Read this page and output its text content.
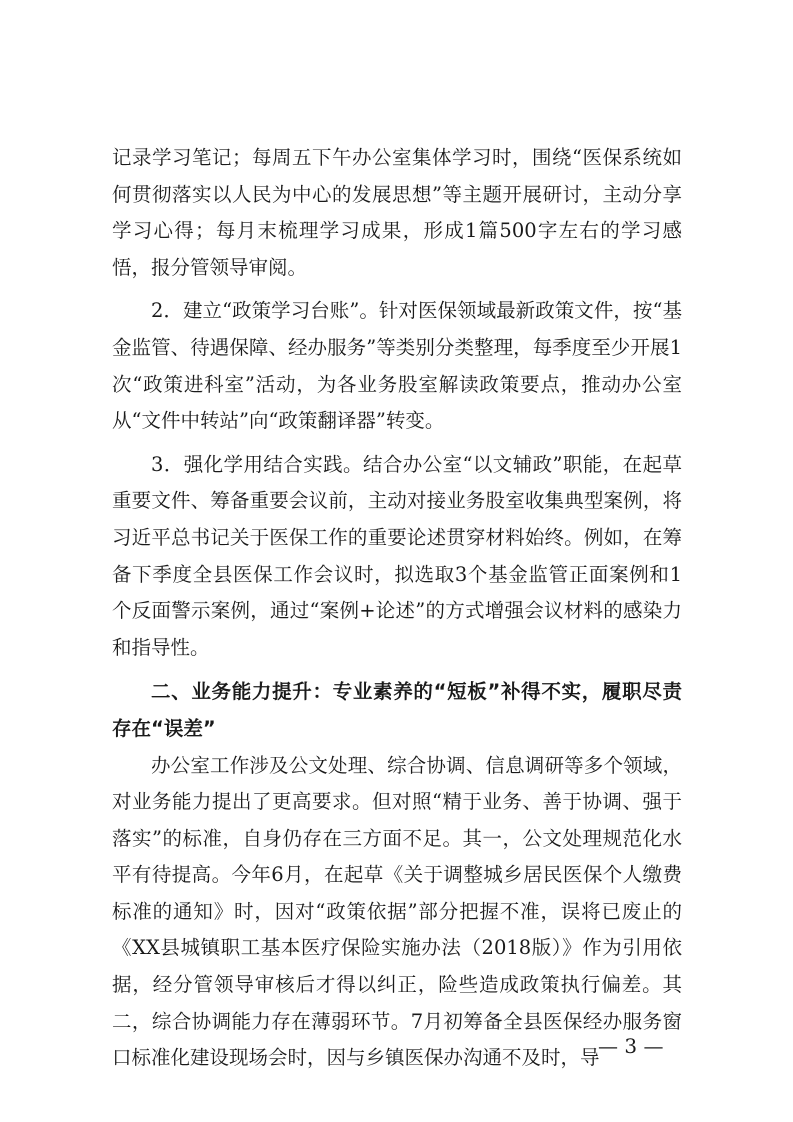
记录学习笔记；每周五下午办公室集体学习时，围绕“医保系统如何贯彻落实以人民为中心的发展思想”等主题开展研讨，主动分享学习心得；每月末梳理学习成果，形成1篇500字左右的学习感悟，报分管领导审阅。

2．建立“政策学习台账”。针对医保领域最新政策文件，按“基金监管、待遇保障、经办服务”等类别分类整理，每季度至少开展1次“政策进科室”活动，为各业务股室解读政策要点，推动办公室从“文件中转站”向“政策翻译器”转变。

3．强化学用结合实践。结合办公室“以文辅政”职能，在起草重要文件、筹备重要会议前，主动对接业务股室收集典型案例，将习近平总书记关于医保工作的重要论述贯穿材料始终。例如，在筹备下季度全县医保工作会议时，拟选取3个基金监管正面案例和1个反面警示案例，通过“案例+论述”的方式增强会议材料的感染力和指导性。

二、业务能力提升：专业素养的“短板”补得不实，履职尽责存在“误差”

办公室工作涉及公文处理、综合协调、信息调研等多个领域，对业务能力提出了更高要求。但对照“精于业务、善于协调、强于落实”的标准，自身仍存在三方面不足。其一，公文处理规范化水平有待提高。今年6月，在起草《关于调整城乡居民医保个人缴费标准的通知》时，因对“政策依据”部分把握不准，误将已废止的《XX县城镇职工基本医疗保险实施办法（2018版）》作为引用依据，经分管领导审核后才得以纠正，险些造成政策执行偏差。其二，综合协调能力存在薄弱环节。7月初筹备全县医保经办服务窗口标准化建设现场会时，因与乡镇医保办沟通不及时，导

— 3 —
